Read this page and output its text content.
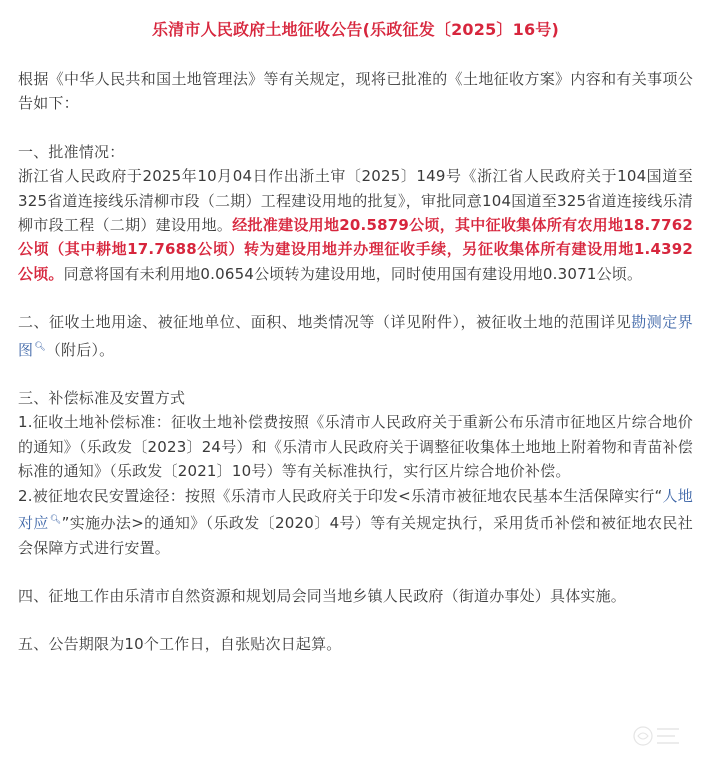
乐清市人民政府土地征收公告(乐政征发〔2025〕16号)

根据《中华人民共和国土地管理法》等有关规定，现将已批准的《土地征收方案》内容和有关事项公告如下：

一、批准情况：

浙江省人民政府于2025年10月04日作出浙土审〔2025〕149号《浙江省人民政府关于104国道至325省道连接线乐清柳市段（二期）工程建设用地的批复》，审批同意104国道至325省道连接线乐清柳市段工程（二期）建设用地。经批准建设用地20.5879公顷，其中征收集体所有农用地18.7762公顷（其中耕地17.7688公顷）转为建设用地并办理征收手续，另征收集体所有建设用地1.4392公顷。同意将国有未利用地0.0654公顷转为建设用地，同时使用国有建设用地0.3071公顷。

二、征收土地用途、被征地单位、面积、地类情况等（详见附件），被征收土地的范围详见勘测定界图🔍︎（附后）。

三、补偿标准及安置方式

1.征收土地补偿标准：征收土地补偿费按照《乐清市人民政府关于重新公布乐清市征地区片综合地价的通知》（乐政发〔2023〕24号）和《乐清市人民政府关于调整征收集体土地地上附着物和青苗补偿标准的通知》（乐政发〔2021〕10号）等有关标准执行，实行区片综合地价补偿。

2.被征地农民安置途径：按照《乐清市人民政府关于印发<乐清市被征地农民基本生活保障实行“人地对应🔍︎”实施办法>的通知》（乐政发〔2020〕4号）等有关规定执行，采用货币补偿和被征地农民社会保障方式进行安置。

四、征地工作由乐清市自然资源和规划局会同当地乡镇人民政府（街道办事处）具体实施。

五、公告期限为10个工作日，自张贴次日起算。
